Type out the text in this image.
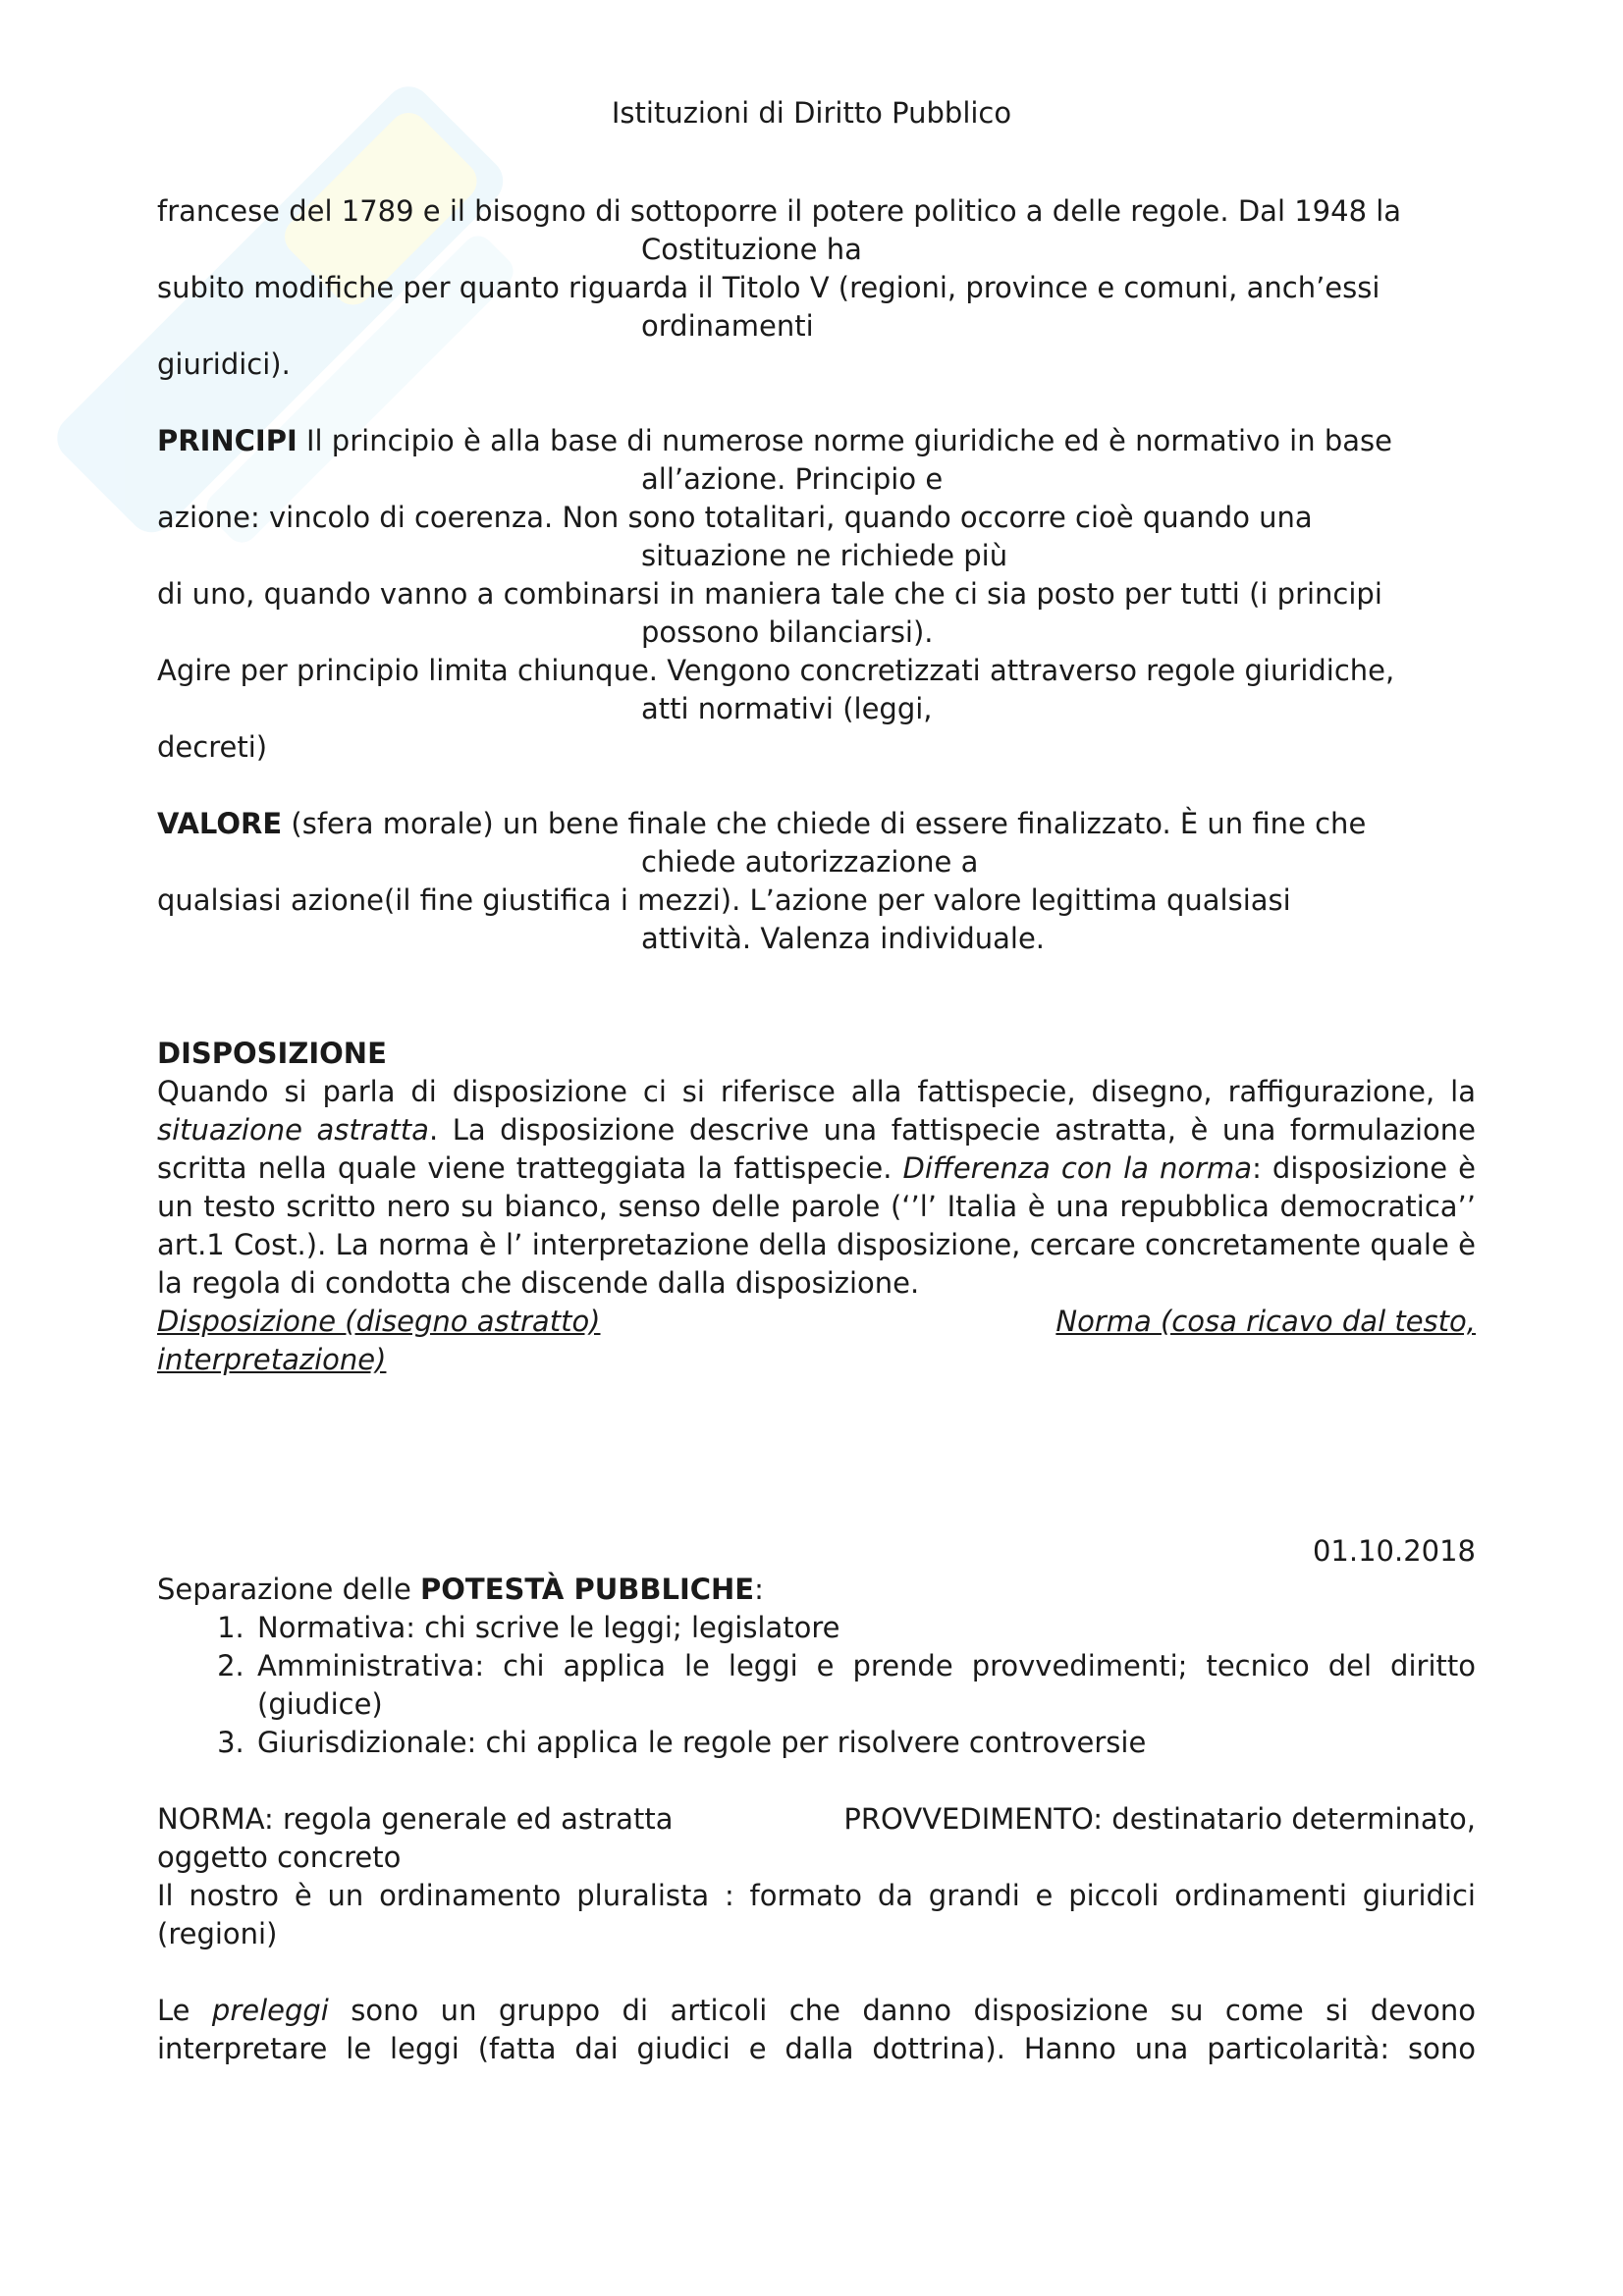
Istituzioni di Diritto Pubblico
francese del 1789 e il bisogno di sottoporre il potere politico a delle regole. Dal 1948 la
Costituzione ha
subito modifiche per quanto riguarda il Titolo V (regioni, province e comuni, anch’essi
ordinamenti
giuridici).
PRINCIPI Il principio è alla base di numerose norme giuridiche ed è normativo in base
all’azione. Principio e
azione: vincolo di coerenza. Non sono totalitari, quando occorre cioè quando una
situazione ne richiede più
di uno, quando vanno a combinarsi in maniera tale che ci sia posto per tutti (i principi
possono bilanciarsi).
Agire per principio limita chiunque. Vengono concretizzati attraverso regole giuridiche,
atti normativi (leggi,
decreti)
VALORE (sfera morale) un bene finale che chiede di essere finalizzato. È un fine che
chiede autorizzazione a
qualsiasi azione(il fine giustifica i mezzi). L’azione per valore legittima qualsiasi
attività. Valenza individuale.
DISPOSIZIONE
Quando si parla di disposizione ci si riferisce alla fattispecie, disegno, raffigurazione, la situazione astratta. La disposizione descrive una fattispecie astratta, è una formulazione scritta nella quale viene tratteggiata la fattispecie. Differenza con la norma: disposizione è un testo scritto nero su bianco, senso delle parole (‘’l’ Italia è una repubblica democratica’’ art.1 Cost.). La norma è l’ interpretazione della disposizione, cercare concretamente quale è la regola di condotta che discende dalla disposizione.
Disposizione (disegno astratto)	Norma (cosa ricavo dal testo,
interpretazione)
01.10.2018
Separazione delle POTESTÀ PUBBLICHE:
1. Normativa: chi scrive le leggi; legislatore
2. Amministrativa: chi applica le leggi e prende provvedimenti; tecnico del diritto (giudice)
3. Giurisdizionale: chi applica le regole per risolvere controversie
NORMA: regola generale ed astratta	PROVVEDIMENTO: destinatario determinato,
oggetto concreto
Il nostro è un ordinamento pluralista : formato da grandi e piccoli ordinamenti giuridici (regioni)
Le preleggi sono un gruppo di articoli che danno disposizione su come si devono interpretare le leggi (fatta dai giudici e dalla dottrina). Hanno una particolarità: sono
